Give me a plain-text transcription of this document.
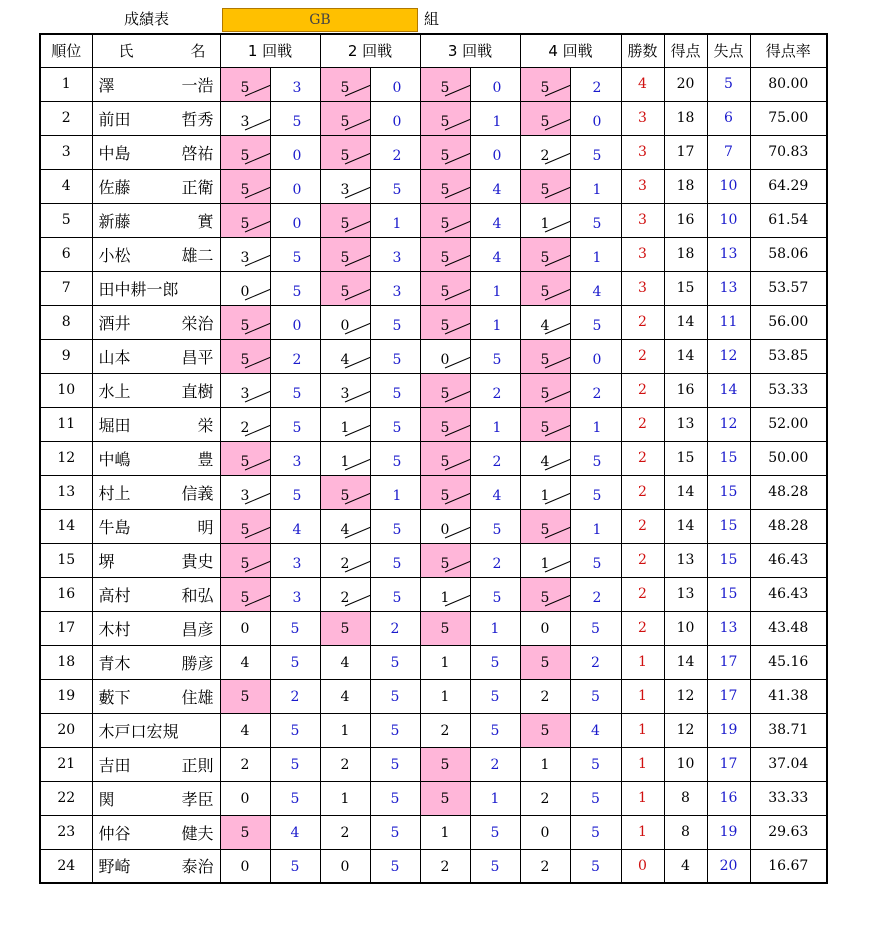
成績表	GB	組
順位	氏 名	1 回戦		2 回戦		3 回戦		4 回戦		勝数	得点	失点	得点率
1	澤 一浩	5	3	5	0	5	0	5	2	4	20	5	80.00
2	前田 哲秀	3	5	5	0	5	1	5	0	3	18	6	75.00
3	中島 啓祐	5	0	5	2	5	0	2	5	3	17	7	70.83
4	佐藤 正衛	5	0	3	5	5	4	5	1	3	18	10	64.29
5	新藤 實	5	0	5	1	5	4	1	5	3	16	10	61.54
6	小松 雄二	3	5	5	3	5	4	5	1	3	18	13	58.06
7	田中耕一郎	0	5	5	3	5	1	5	4	3	15	13	53.57
8	酒井 栄治	5	0	0	5	5	1	4	5	2	14	11	56.00
9	山本 昌平	5	2	4	5	0	5	5	0	2	14	12	53.85
10	水上 直樹	3	5	3	5	5	2	5	2	2	16	14	53.33
11	堀田 栄	2	5	1	5	5	1	5	1	2	13	12	52.00
12	中嶋 豊	5	3	1	5	5	2	4	5	2	15	15	50.00
13	村上 信義	3	5	5	1	5	4	1	5	2	14	15	48.28
14	牛島 明	5	4	4	5	0	5	5	1	2	14	15	48.28
15	堺 貴史	5	3	2	5	5	2	1	5	2	13	15	46.43
16	高村 和弘	5	3	2	5	1	5	5	2	2	13	15	46.43
17	木村 昌彦	0	5	5	2	5	1	0	5	2	10	13	43.48
18	青木 勝彦	4	5	4	5	1	5	5	2	1	14	17	45.16
19	藪下 住雄	5	2	4	5	1	5	2	5	1	12	17	41.38
20	木戸口宏規	4	5	1	5	2	5	5	4	1	12	19	38.71
21	吉田 正則	2	5	2	5	5	2	1	5	1	10	17	37.04
22	関 孝臣	0	5	1	5	5	1	2	5	1	8	16	33.33
23	仲谷 健夫	5	4	2	5	1	5	0	5	1	8	19	29.63
24	野崎 泰治	0	5	0	5	2	5	2	5	0	4	20	16.67
